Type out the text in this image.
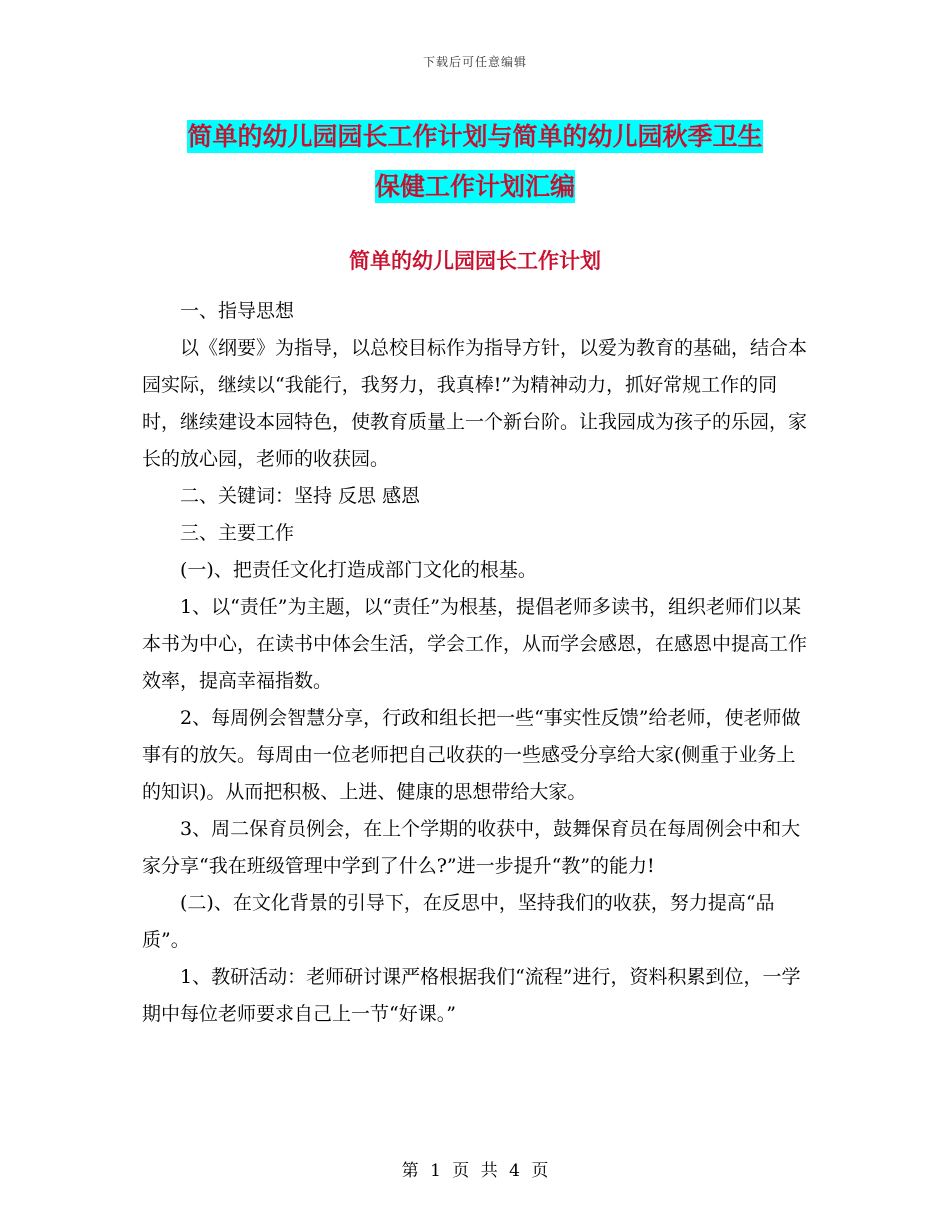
下载后可任意编辑
简单的幼儿园园长工作计划与简单的幼儿园秋季卫生
保健工作计划汇编
简单的幼儿园园长工作计划

一、指导思想

以《纲要》为指导，以总校目标作为指导方针，以爱为教育的基础，结合本园实际，继续以“我能行，我努力，我真棒!”为精神动力，抓好常规工作的同时，继续建设本园特色，使教育质量上一个新台阶。让我园成为孩子的乐园，家长的放心园，老师的收获园。

二、关键词：坚持 反思 感恩

三、主要工作

(一)、把责任文化打造成部门文化的根基。

1、以“责任”为主题，以“责任”为根基，提倡老师多读书，组织老师们以某本书为中心，在读书中体会生活，学会工作，从而学会感恩，在感恩中提高工作效率，提高幸福指数。

2、每周例会智慧分享，行政和组长把一些“事实性反馈”给老师，使老师做事有的放矢。每周由一位老师把自己收获的一些感受分享给大家(侧重于业务上的知识)。从而把积极、上进、健康的思想带给大家。

3、周二保育员例会，在上个学期的收获中，鼓舞保育员在每周例会中和大家分享“我在班级管理中学到了什么?”进一步提升“教”的能力!

(二)、在文化背景的引导下，在反思中，坚持我们的收获，努力提高“品质”。

1、教研活动：老师研讨课严格根据我们“流程”进行，资料积累到位，一学期中每位老师要求自己上一节“好课。”

第 1 页 共 4 页
